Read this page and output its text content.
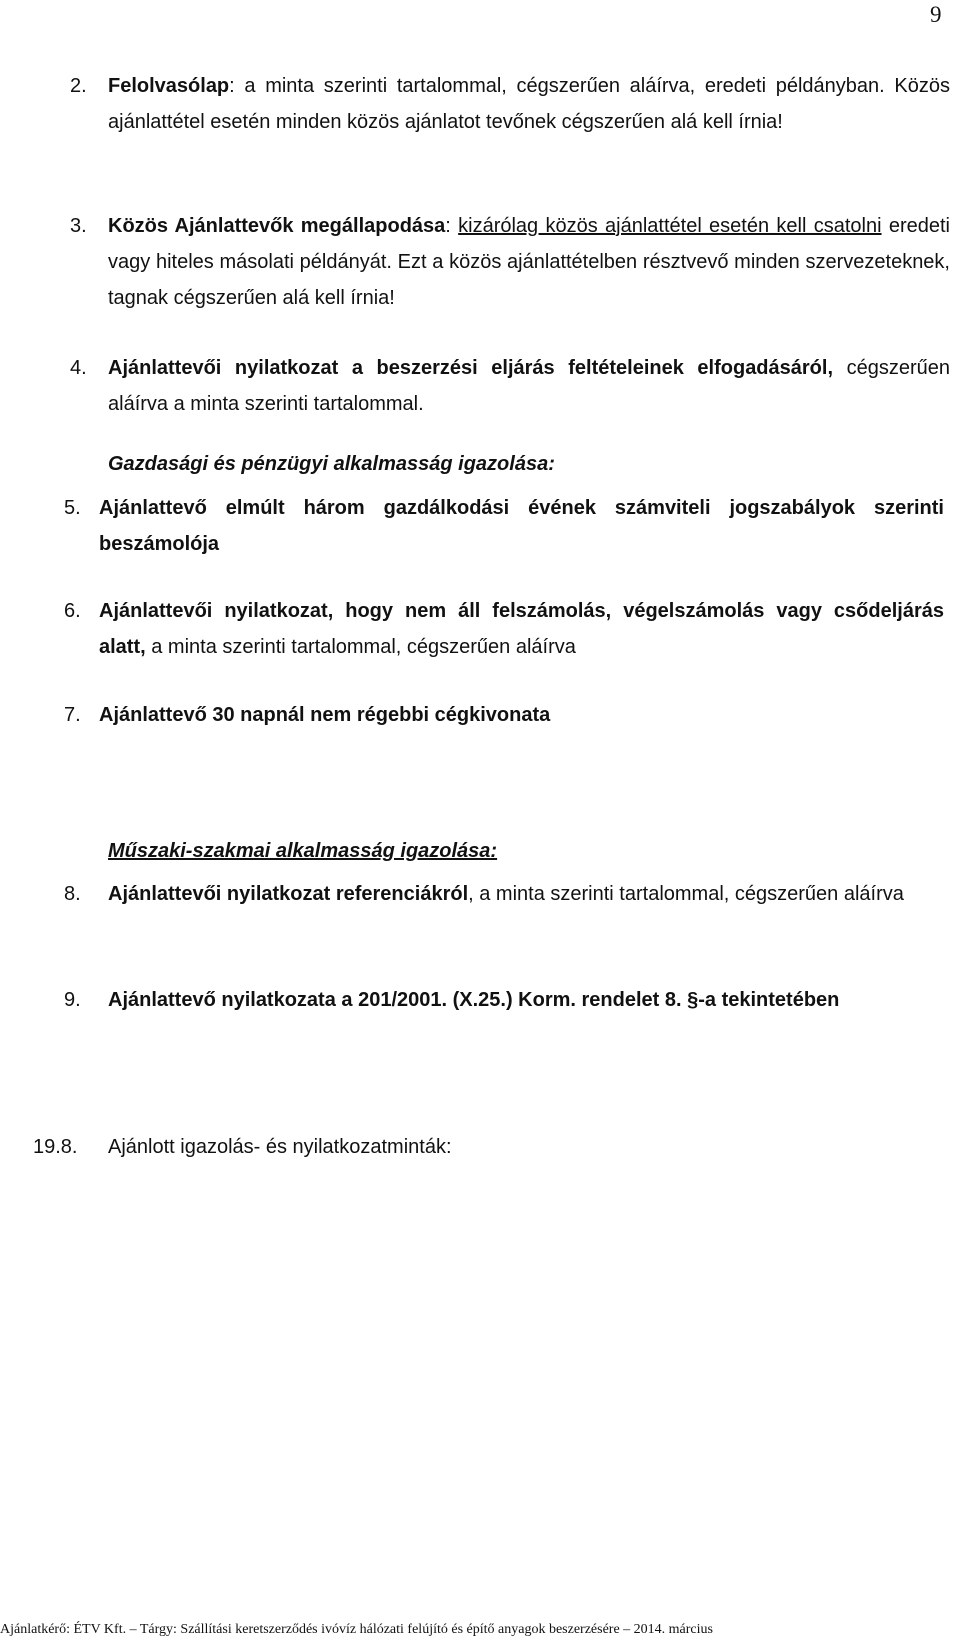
9
2. Felolvasólap: a minta szerinti tartalommal, cégszerűen aláírva, eredeti példányban. Közös ajánlattétel esetén minden közös ajánlatot tevőnek cégszerűen alá kell írnia!
3. Közös Ajánlattevők megállapodása: kizárólag közös ajánlattétel esetén kell csatolni eredeti vagy hiteles másolati példányát. Ezt a közös ajánlattételben résztvevő minden szervezeteknek, tagnak cégszerűen alá kell írnia!
4. Ajánlattevői nyilatkozat a beszerzési eljárás feltételeinek elfogadásáról, cégszerűen aláírva a minta szerinti tartalommal.
Gazdasági és pénzügyi alkalmasság igazolása:
5. Ajánlattevő elmúlt három gazdálkodási évének számviteli jogszabályok szerinti beszámolója
6. Ajánlattevői nyilatkozat, hogy nem áll felszámolás, végelszámolás vagy csődeljárás alatt, a minta szerinti tartalommal, cégszerűen aláírva
7. Ajánlattevő 30 napnál nem régebbi cégkivonata
Műszaki-szakmai alkalmasság igazolása:
8. Ajánlattevői nyilatkozat referenciákról, a minta szerinti tartalommal, cégszerűen aláírva
9. Ajánlattevő nyilatkozata a 201/2001. (X.25.) Korm. rendelet 8. §-a tekintetében
19.8. Ajánlott igazolás- és nyilatkozatminták:
Ajánlatkérő: ÉTV Kft. – Tárgy: Szállítási keretszerződés ivóvíz hálózati felújító és építő anyagok beszerzésére – 2014. március
